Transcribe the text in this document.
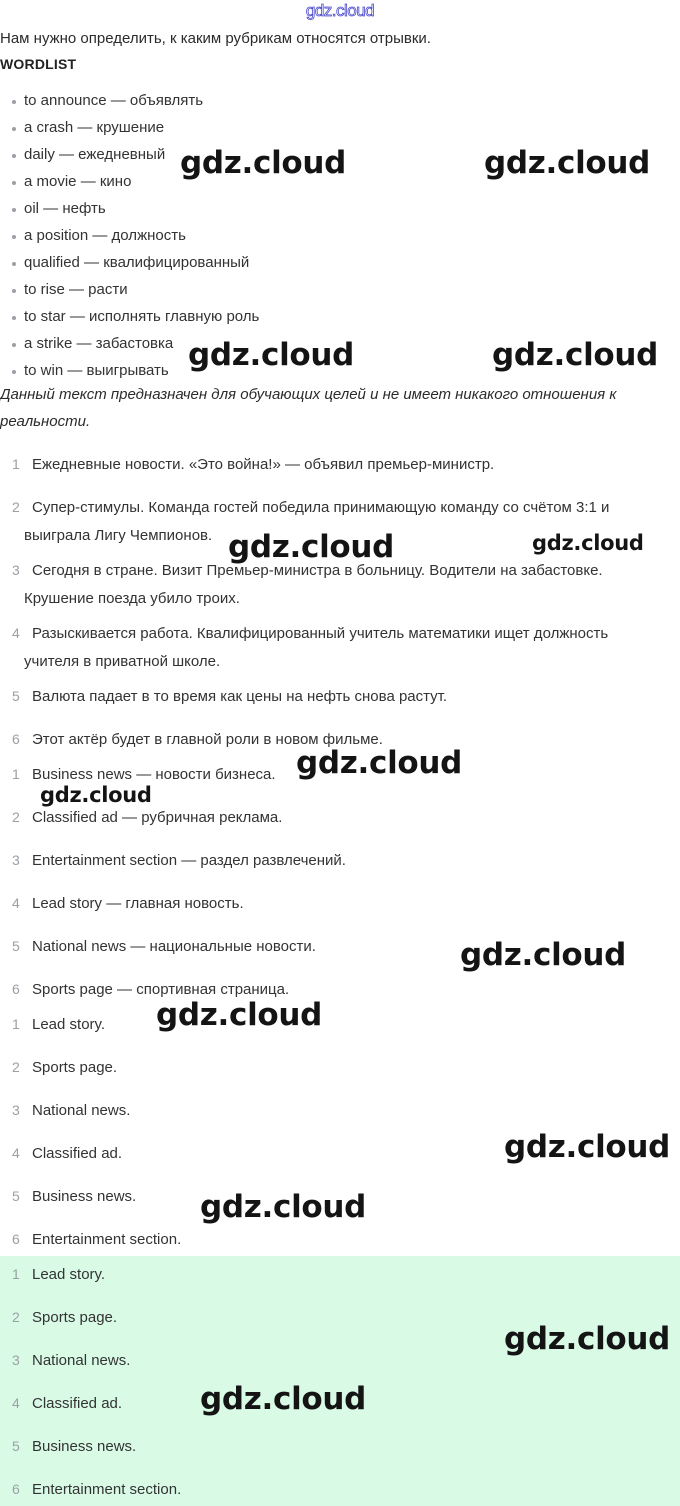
gdz.cloud
Нам нужно определить, к каким рубрикам относятся отрывки.
WORDLIST
to announce — объявлять
a crash — крушение
daily — ежедневный
a movie — кино
oil — нефть
a position — должность
qualified — квалифицированный
to rise — расти
to star — исполнять главную роль
a strike — забастовка
to win — выигрывать
Данный текст предназначен для обучающих целей и не имеет никакого отношения к реальности.
1 Ежедневные новости. «Это война!» — объявил премьер-министр.
2 Супер-стимулы. Команда гостей победила принимающую команду со счётом 3:1 и
выиграла Лигу Чемпионов.
3 Сегодня в стране. Визит Премьер-министра в больницу. Водители на забастовке.
Крушение поезда убило троих.
4 Разыскивается работа. Квалифицированный учитель математики ищет должность
учителя в приватной школе.
5 Валюта падает в то время как цены на нефть снова растут.
6 Этот актёр будет в главной роли в новом фильме.
1 Business news — новости бизнеса.
2 Classified ad — рубричная реклама.
3 Entertainment section — раздел развлечений.
4 Lead story — главная новость.
5 National news — национальные новости.
6 Sports page — спортивная страница.
1 Lead story.
2 Sports page.
3 National news.
4 Classified ad.
5 Business news.
6 Entertainment section.
1 Lead story.
2 Sports page.
3 National news.
4 Classified ad.
5 Business news.
6 Entertainment section.
gdz.cloud	gdz.cloud
gdz.cloud	gdz.cloud
gdz.cloud	gdz.cloud
gdz.cloud
gdz.cloud
gdz.cloud
gdz.cloud
gdz.cloud
gdz.cloud
gdz.cloud
gdz.cloud
